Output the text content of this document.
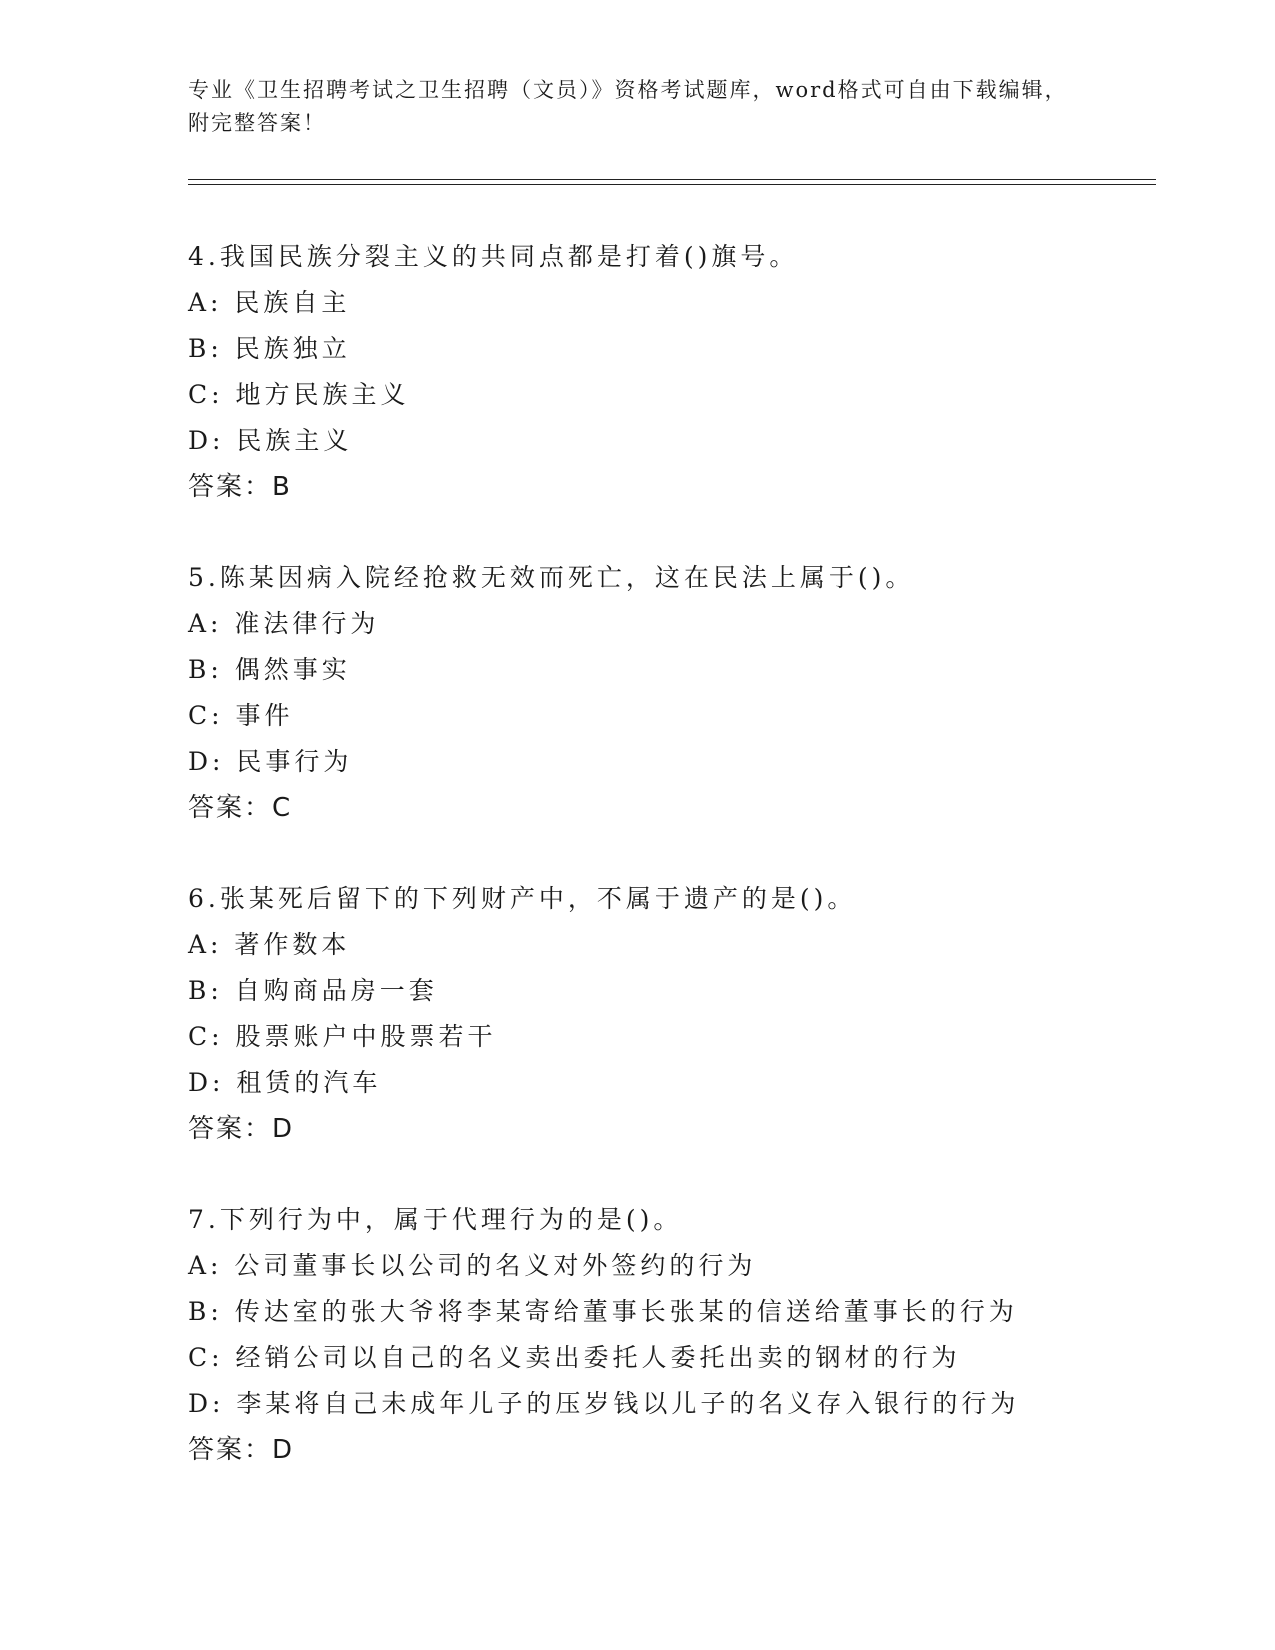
专业《卫生招聘考试之卫生招聘（文员）》资格考试题库，word格式可自由下载编辑，附完整答案！
4.我国民族分裂主义的共同点都是打着()旗号。
A: 民族自主
B: 民族独立
C: 地方民族主义
D: 民族主义
答案：B
5.陈某因病入院经抢救无效而死亡，这在民法上属于()。
A: 准法律行为
B: 偶然事实
C: 事件
D: 民事行为
答案：C
6.张某死后留下的下列财产中，不属于遗产的是()。
A: 著作数本
B: 自购商品房一套
C: 股票账户中股票若干
D: 租赁的汽车
答案：D
7.下列行为中，属于代理行为的是()。
A: 公司董事长以公司的名义对外签约的行为
B: 传达室的张大爷将李某寄给董事长张某的信送给董事长的行为
C: 经销公司以自己的名义卖出委托人委托出卖的钢材的行为
D: 李某将自己未成年儿子的压岁钱以儿子的名义存入银行的行为
答案：D
